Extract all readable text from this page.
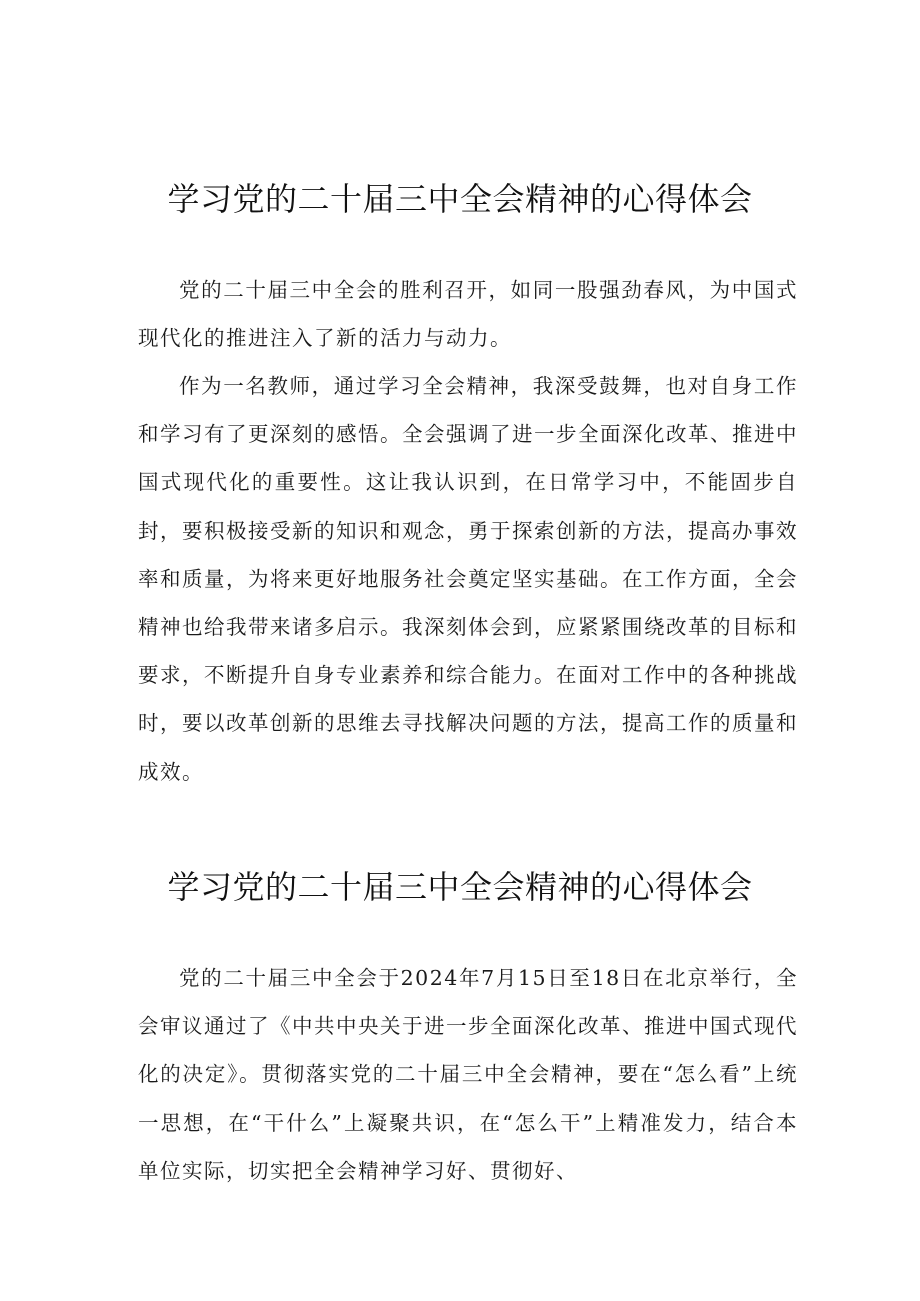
学习党的二十届三中全会精神的心得体会

党的二十届三中全会的胜利召开，如同一股强劲春风，为中国式现代化的推进注入了新的活力与动力。

作为一名教师，通过学习全会精神，我深受鼓舞，也对自身工作和学习有了更深刻的感悟。全会强调了进一步全面深化改革、推进中国式现代化的重要性。这让我认识到，在日常学习中，不能固步自封，要积极接受新的知识和观念，勇于探索创新的方法，提高办事效率和质量，为将来更好地服务社会奠定坚实基础。在工作方面，全会精神也给我带来诸多启示。我深刻体会到，应紧紧围绕改革的目标和要求，不断提升自身专业素养和综合能力。在面对工作中的各种挑战时，要以改革创新的思维去寻找解决问题的方法，提高工作的质量和成效。

学习党的二十届三中全会精神的心得体会

党的二十届三中全会于2024年7月15日至18日在北京举行，全会审议通过了《中共中央关于进一步全面深化改革、推进中国式现代化的决定》。贯彻落实党的二十届三中全会精神，要在“怎么看”上统一思想，在“干什么”上凝聚共识，在“怎么干”上精准发力，结合本单位实际，切实把全会精神学习好、贯彻好、
